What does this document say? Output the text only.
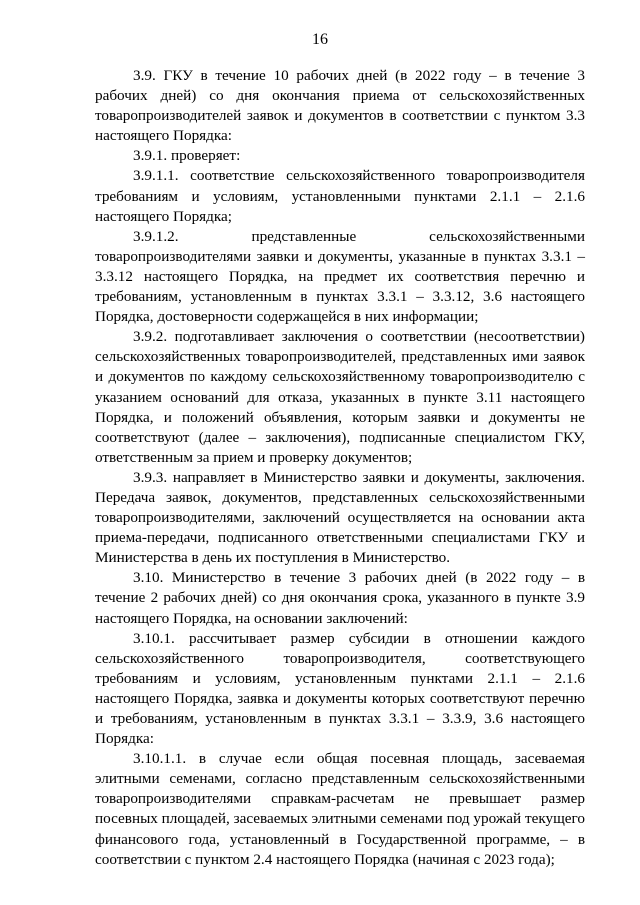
16

3.9. ГКУ в течение 10 рабочих дней (в 2022 году – в течение 3 рабочих дней) со дня окончания приема от сельскохозяйственных товаропроизводителей заявок и документов в соответствии с пунктом 3.3 настоящего Порядка:

3.9.1. проверяет:

3.9.1.1. соответствие сельскохозяйственного товаропроизводителя требованиям и условиям, установленными пунктами 2.1.1 – 2.1.6 настоящего Порядка;

3.9.1.2. представленные сельскохозяйственными товаропроизводителями заявки и документы, указанные в пунктах 3.3.1 – 3.3.12 настоящего Порядка, на предмет их соответствия перечню и требованиям, установленным в пунктах 3.3.1 – 3.3.12, 3.6 настоящего Порядка, достоверности содержащейся в них информации;

3.9.2. подготавливает заключения о соответствии (несоответствии) сельскохозяйственных товаропроизводителей, представленных ими заявок и документов по каждому сельскохозяйственному товаропроизводителю с указанием оснований для отказа, указанных в пункте 3.11 настоящего Порядка, и положений объявления, которым заявки и документы не соответствуют (далее – заключения), подписанные специалистом ГКУ, ответственным за прием и проверку документов;

3.9.3. направляет в Министерство заявки и документы, заключения. Передача заявок, документов, представленных сельскохозяйственными товаропроизводителями, заключений осуществляется на основании акта приема-передачи, подписанного ответственными специалистами ГКУ и Министерства в день их поступления в Министерство.

3.10. Министерство в течение 3 рабочих дней (в 2022 году – в течение 2 рабочих дней) со дня окончания срока, указанного в пункте 3.9 настоящего Порядка, на основании заключений:

3.10.1. рассчитывает размер субсидии в отношении каждого сельскохозяйственного товаропроизводителя, соответствующего требованиям и условиям, установленным пунктами 2.1.1 – 2.1.6 настоящего Порядка, заявка и документы которых соответствуют перечню и требованиям, установленным в пунктах 3.3.1 – 3.3.9, 3.6 настоящего Порядка:

3.10.1.1. в случае если общая посевная площадь, засеваемая элитными семенами, согласно представленным сельскохозяйственными товаропроизводителями справкам-расчетам не превышает размер посевных площадей, засеваемых элитными семенами под урожай текущего финансового года, установленный в Государственной программе, – в соответствии с пунктом 2.4 настоящего Порядка (начиная с 2023 года);
